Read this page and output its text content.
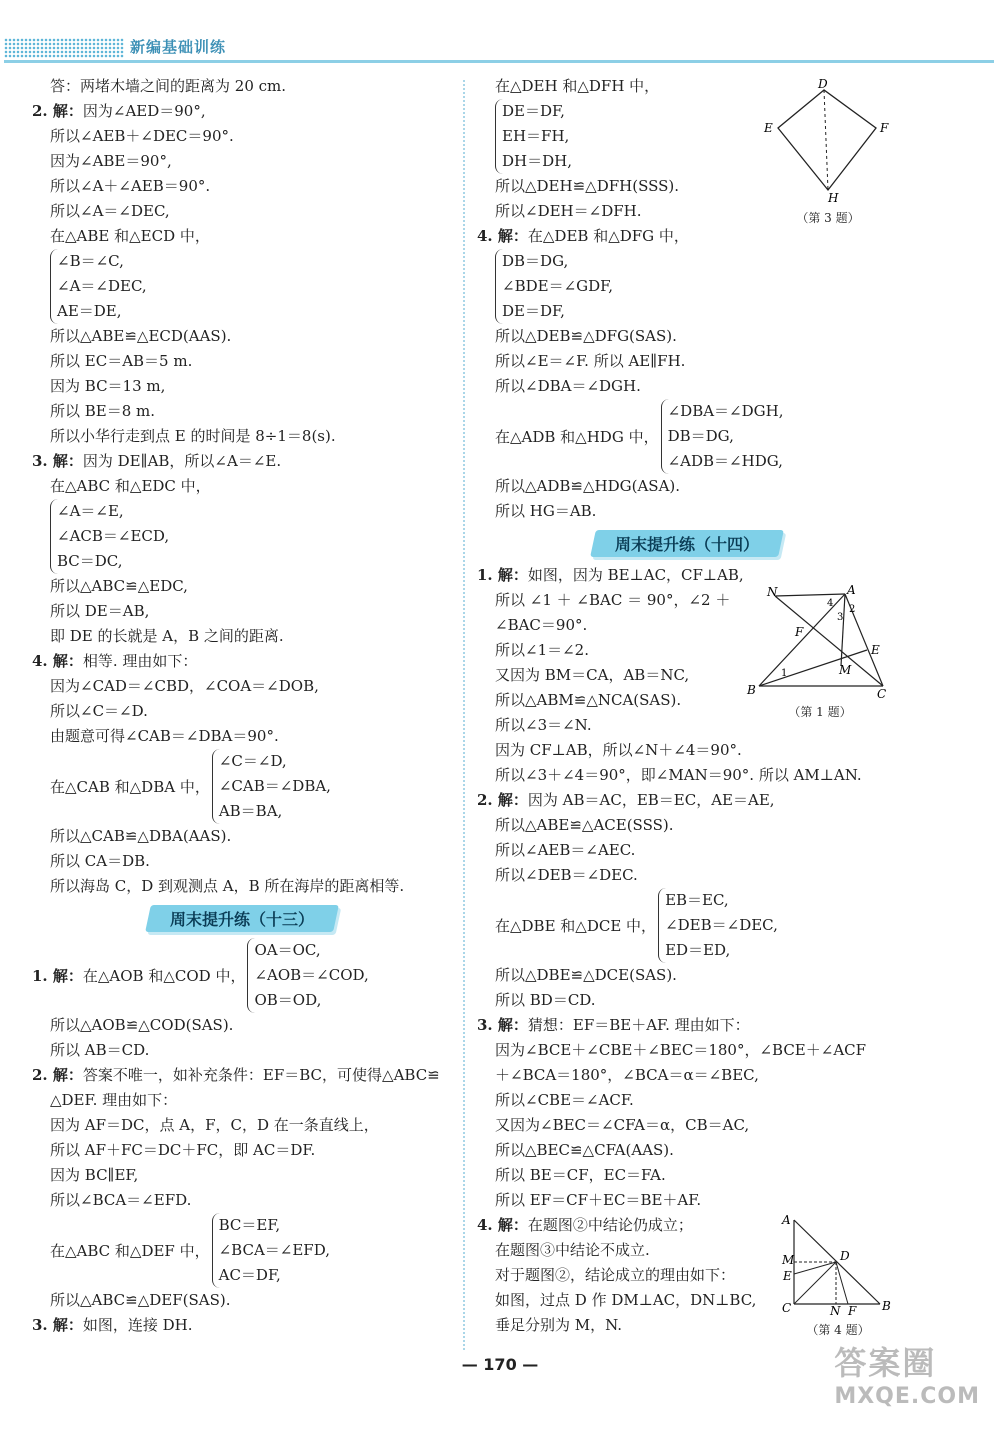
新编基础训练
答：两堵木墙之间的距离为 20 cm.
2. 解：因为∠AED＝90°,
所以∠AEB＋∠DEC＝90°.
因为∠ABE＝90°,
所以∠A＋∠AEB＝90°.
所以∠A＝∠DEC,
在△ABE 和△ECD 中，
∠B＝∠C,
∠A＝∠DEC,
AE＝DE,
所以△ABE≌△ECD(AAS).
所以 EC＝AB＝5 m.
因为 BC＝13 m,
所以 BE＝8 m.
所以小华行走到点 E 的时间是 8÷1＝8(s).
3. 解：因为 DE∥AB，所以∠A＝∠E.
在△ABC 和△EDC 中，
∠A＝∠E,
∠ACB＝∠ECD,
BC＝DC,
所以△ABC≌△EDC,
所以 DE＝AB,
即 DE 的长就是 A，B 之间的距离.
4. 解：相等. 理由如下：
因为∠CAD＝∠CBD，∠COA＝∠DOB,
所以∠C＝∠D.
由题意可得∠CAB＝∠DBA＝90°.
在△CAB 和△DBA 中，
∠C＝∠D,
∠CAB＝∠DBA,
AB＝BA,
所以△CAB≌△DBA(AAS).
所以 CA＝DB.
所以海岛 C，D 到观测点 A，B 所在海岸的距离相等.
周末提升练（十三）
1. 解： 在△AOB 和△COD 中，
OA＝OC,
∠AOB＝∠COD,
OB＝OD,
所以△AOB≌△COD(SAS).
所以 AB＝CD.
2. 解：答案不唯一，如补充条件：EF＝BC，可使得△ABC≌
△DEF. 理由如下：
因为 AF＝DC，点 A，F，C，D 在一条直线上，
所以 AF＋FC＝DC＋FC，即 AC＝DF.
因为 BC∥EF,
所以∠BCA＝∠EFD.
在△ABC 和△DEF 中，
BC＝EF,
∠BCA＝∠EFD,
AC＝DF,
所以△ABC≌△DEF(SAS).
3. 解：如图，连接 DH.
在△DEH 和△DFH 中，
DE＝DF,
EH＝FH,
DH＝DH,
所以△DEH≌△DFH(SSS).
所以∠DEH＝∠DFH.
4. 解：在△DEB 和△DFG 中，
DB＝DG,
∠BDE＝∠GDF,
DE＝DF,
所以△DEB≌△DFG(SAS).
所以∠E＝∠F. 所以 AE∥FH.
所以∠DBA＝∠DGH.
在△ADB 和△HDG 中，
∠DBA＝∠DGH,
DB＝DG,
∠ADB＝∠HDG,
所以△ADB≌△HDG(ASA).
所以 HG＝AB.
周末提升练（十四）
1. 解：如图，因为 BE⊥AC，CF⊥AB,
所以 ∠1 ＋ ∠BAC ＝ 90°，∠2 ＋
∠BAC＝90°.
所以∠1＝∠2.
又因为 BM＝CA，AB＝NC,
所以△ABM≌△NCA(SAS).
所以∠3＝∠N.
因为 CF⊥AB，所以∠N＋∠4＝90°.
所以∠3＋∠4＝90°，即∠MAN＝90°. 所以 AM⊥AN.
2. 解：因为 AB＝AC，EB＝EC，AE＝AE,
所以△ABE≌△ACE(SSS).
所以∠AEB＝∠AEC.
所以∠DEB＝∠DEC.
在△DBE 和△DCE 中，
EB＝EC,
∠DEB＝∠DEC,
ED＝ED,
所以△DBE≌△DCE(SAS).
所以 BD＝CD.
3. 解：猜想：EF＝BE＋AF. 理由如下：
因为∠BCE＋∠CBE＋∠BEC＝180°，∠BCE＋∠ACF
＋∠BCA＝180°，∠BCA＝α＝∠BEC,
所以∠CBE＝∠ACF.
又因为∠BEC＝∠CFA＝α，CB＝AC,
所以△BEC≌△CFA(AAS).
所以 BE＝CF，EC＝FA.
所以 EF＝CF＋EC＝BE＋AF.
4. 解：在题图②中结论仍成立；
在题图③中结论不成立.
对于题图②，结论成立的理由如下：
如图，过点 D 作 DM⊥AC，DN⊥BC,
垂足分别为 M，N.
D
E	F
H
（第 3 题）
N	A
F
M
E
B	C
1
2
3
4
（第 1 题）
A
M	D
E
C	N F B
（第 4 题）
— 170 —	答案圈
MXQE.COM
